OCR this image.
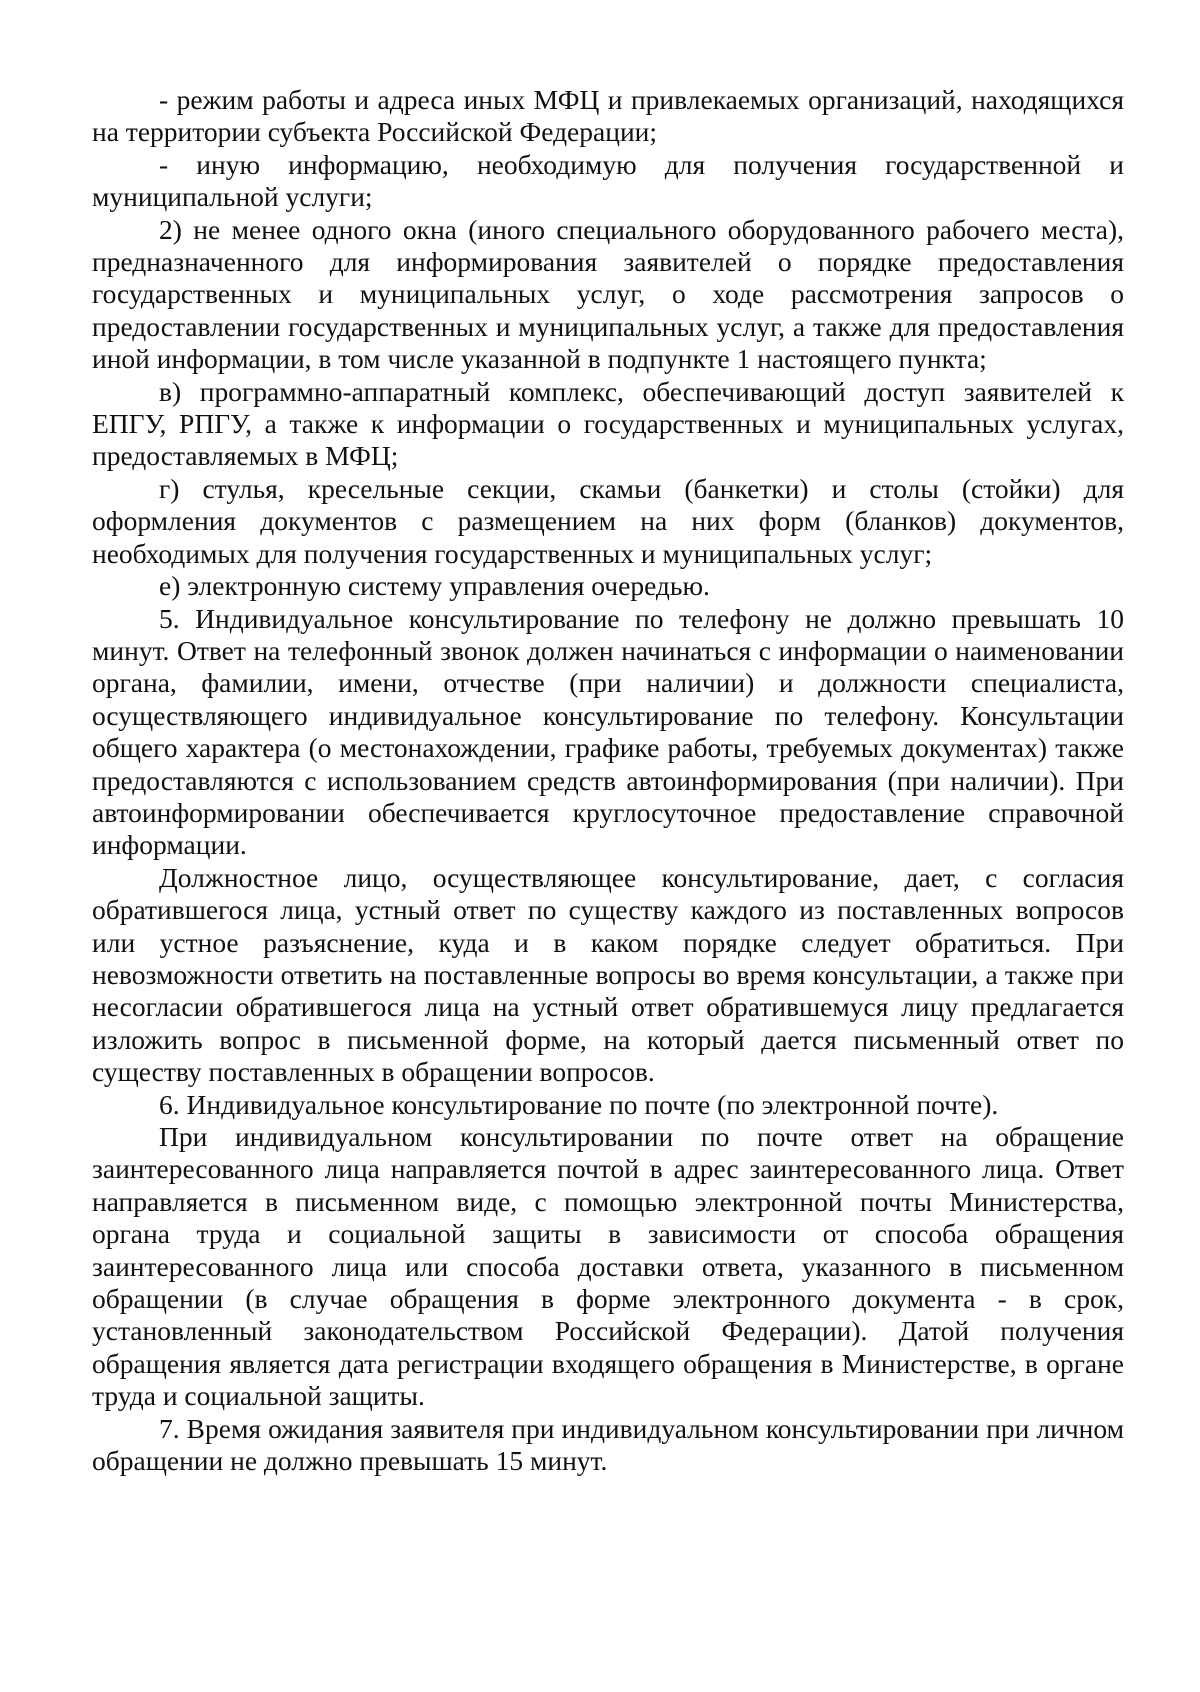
- режим работы и адреса иных МФЦ и привлекаемых организаций, находящихся на территории субъекта Российской Федерации;

- иную информацию, необходимую для получения государственной и муниципальной услуги;

2) не менее одного окна (иного специального оборудованного рабочего места), предназначенного для информирования заявителей о порядке предоставления государственных и муниципальных услуг, о ходе рассмотрения запросов о предоставлении государственных и муниципальных услуг, а также для предоставления иной информации, в том числе указанной в подпункте 1 настоящего пункта;

в) программно-аппаратный комплекс, обеспечивающий доступ заявителей к ЕПГУ, РПГУ, а также к информации о государственных и муниципальных услугах, предоставляемых в МФЦ;

г) стулья, кресельные секции, скамьи (банкетки) и столы (стойки) для оформления документов с размещением на них форм (бланков) документов, необходимых для получения государственных и муниципальных услуг;

е) электронную систему управления очередью.

5. Индивидуальное консультирование по телефону не должно превышать 10 минут. Ответ на телефонный звонок должен начинаться с информации о наименовании органа, фамилии, имени, отчестве (при наличии) и должности специалиста, осуществляющего индивидуальное консультирование по телефону. Консультации общего характера (о местонахождении, графике работы, требуемых документах) также предоставляются с использованием средств автоинформирования (при наличии). При автоинформировании обеспечивается круглосуточное предоставление справочной информации.

Должностное лицо, осуществляющее консультирование, дает, с согласия обратившегося лица, устный ответ по существу каждого из поставленных вопросов или устное разъяснение, куда и в каком порядке следует обратиться. При невозможности ответить на поставленные вопросы во время консультации, а также при несогласии обратившегося лица на устный ответ обратившемуся лицу предлагается изложить вопрос в письменной форме, на который дается письменный ответ по существу поставленных в обращении вопросов.

6. Индивидуальное консультирование по почте (по электронной почте).

При индивидуальном консультировании по почте ответ на обращение заинтересованного лица направляется почтой в адрес заинтересованного лица. Ответ направляется в письменном виде, с помощью электронной почты Министерства, органа труда и социальной защиты в зависимости от способа обращения заинтересованного лица или способа доставки ответа, указанного в письменном обращении (в случае обращения в форме электронного документа - в срок, установленный законодательством Российской Федерации). Датой получения обращения является дата регистрации входящего обращения в Министерстве, в органе труда и социальной защиты.

7. Время ожидания заявителя при индивидуальном консультировании при личном обращении не должно превышать 15 минут.
